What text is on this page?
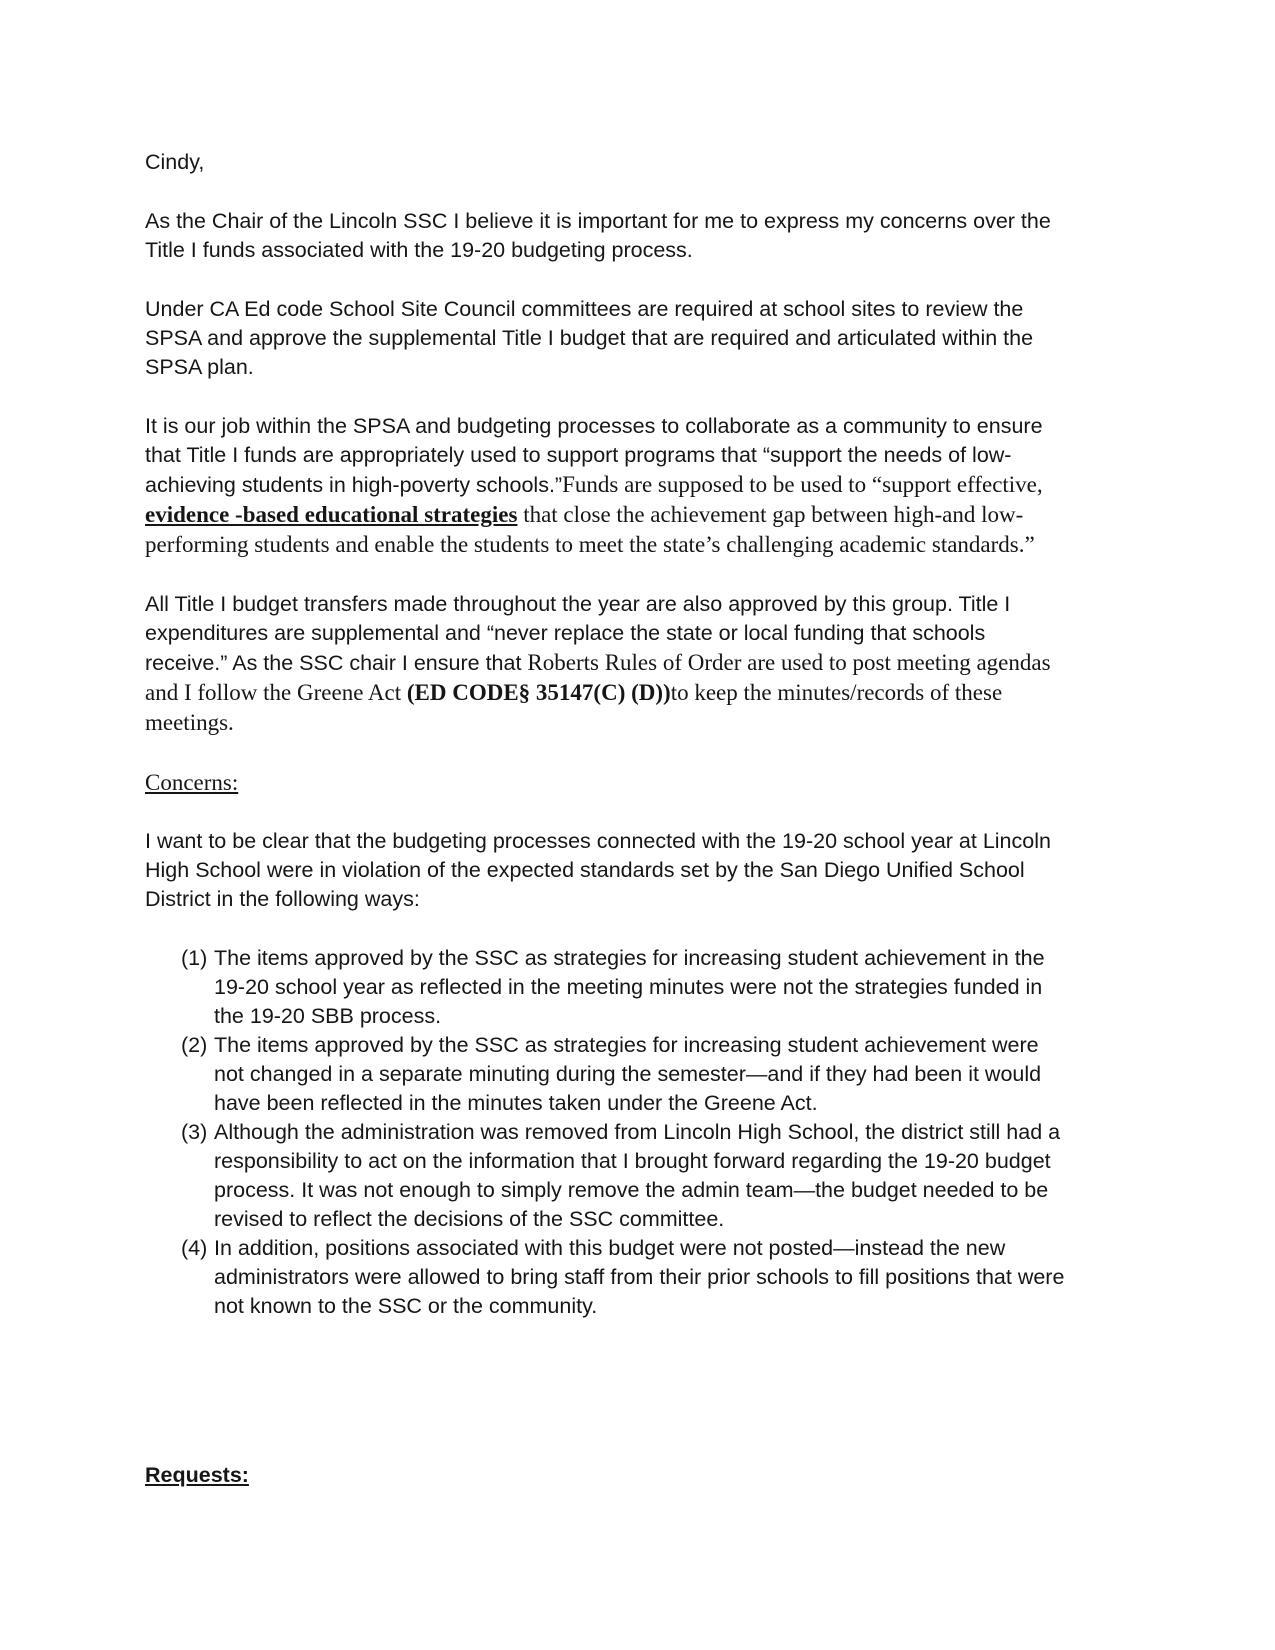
Cindy,

As the Chair of the Lincoln SSC I believe it is important for me to express my concerns over the Title I funds associated with the 19-20 budgeting process.

Under CA Ed code School Site Council committees are required at school sites to review the SPSA and approve the supplemental Title I budget that are required and articulated within the SPSA plan.

It is our job within the SPSA and budgeting processes to collaborate as a community to ensure that Title I funds are appropriately used to support programs that “support the needs of low-achieving students in high-poverty schools.”Funds are supposed to be used to “support effective, evidence -based educational strategies that close the achievement gap between high-and low-performing students and enable the students to meet the state’s challenging academic standards.”

All Title I budget transfers made throughout the year are also approved by this group. Title I expenditures are supplemental and “never replace the state or local funding that schools receive.” As the SSC chair I ensure that Roberts Rules of Order are used to post meeting agendas and I follow the Greene Act (ED CODE§ 35147(C) (D))to keep the minutes/records of these meetings.

Concerns:

I want to be clear that the budgeting processes connected with the 19-20 school year at Lincoln High School were in violation of the expected standards set by the San Diego Unified School District in the following ways:

(1) The items approved by the SSC as strategies for increasing student achievement in the 19-20 school year as reflected in the meeting minutes were not the strategies funded in the 19-20 SBB process.
(2) The items approved by the SSC as strategies for increasing student achievement were not changed in a separate minuting during the semester—and if they had been it would have been reflected in the minutes taken under the Greene Act.
(3) Although the administration was removed from Lincoln High School, the district still had a responsibility to act on the information that I brought forward regarding the 19-20 budget process. It was not enough to simply remove the admin team—the budget needed to be revised to reflect the decisions of the SSC committee.
(4) In addition, positions associated with this budget were not posted—instead the new administrators were allowed to bring staff from their prior schools to fill positions that were not known to the SSC or the community.

Requests:
